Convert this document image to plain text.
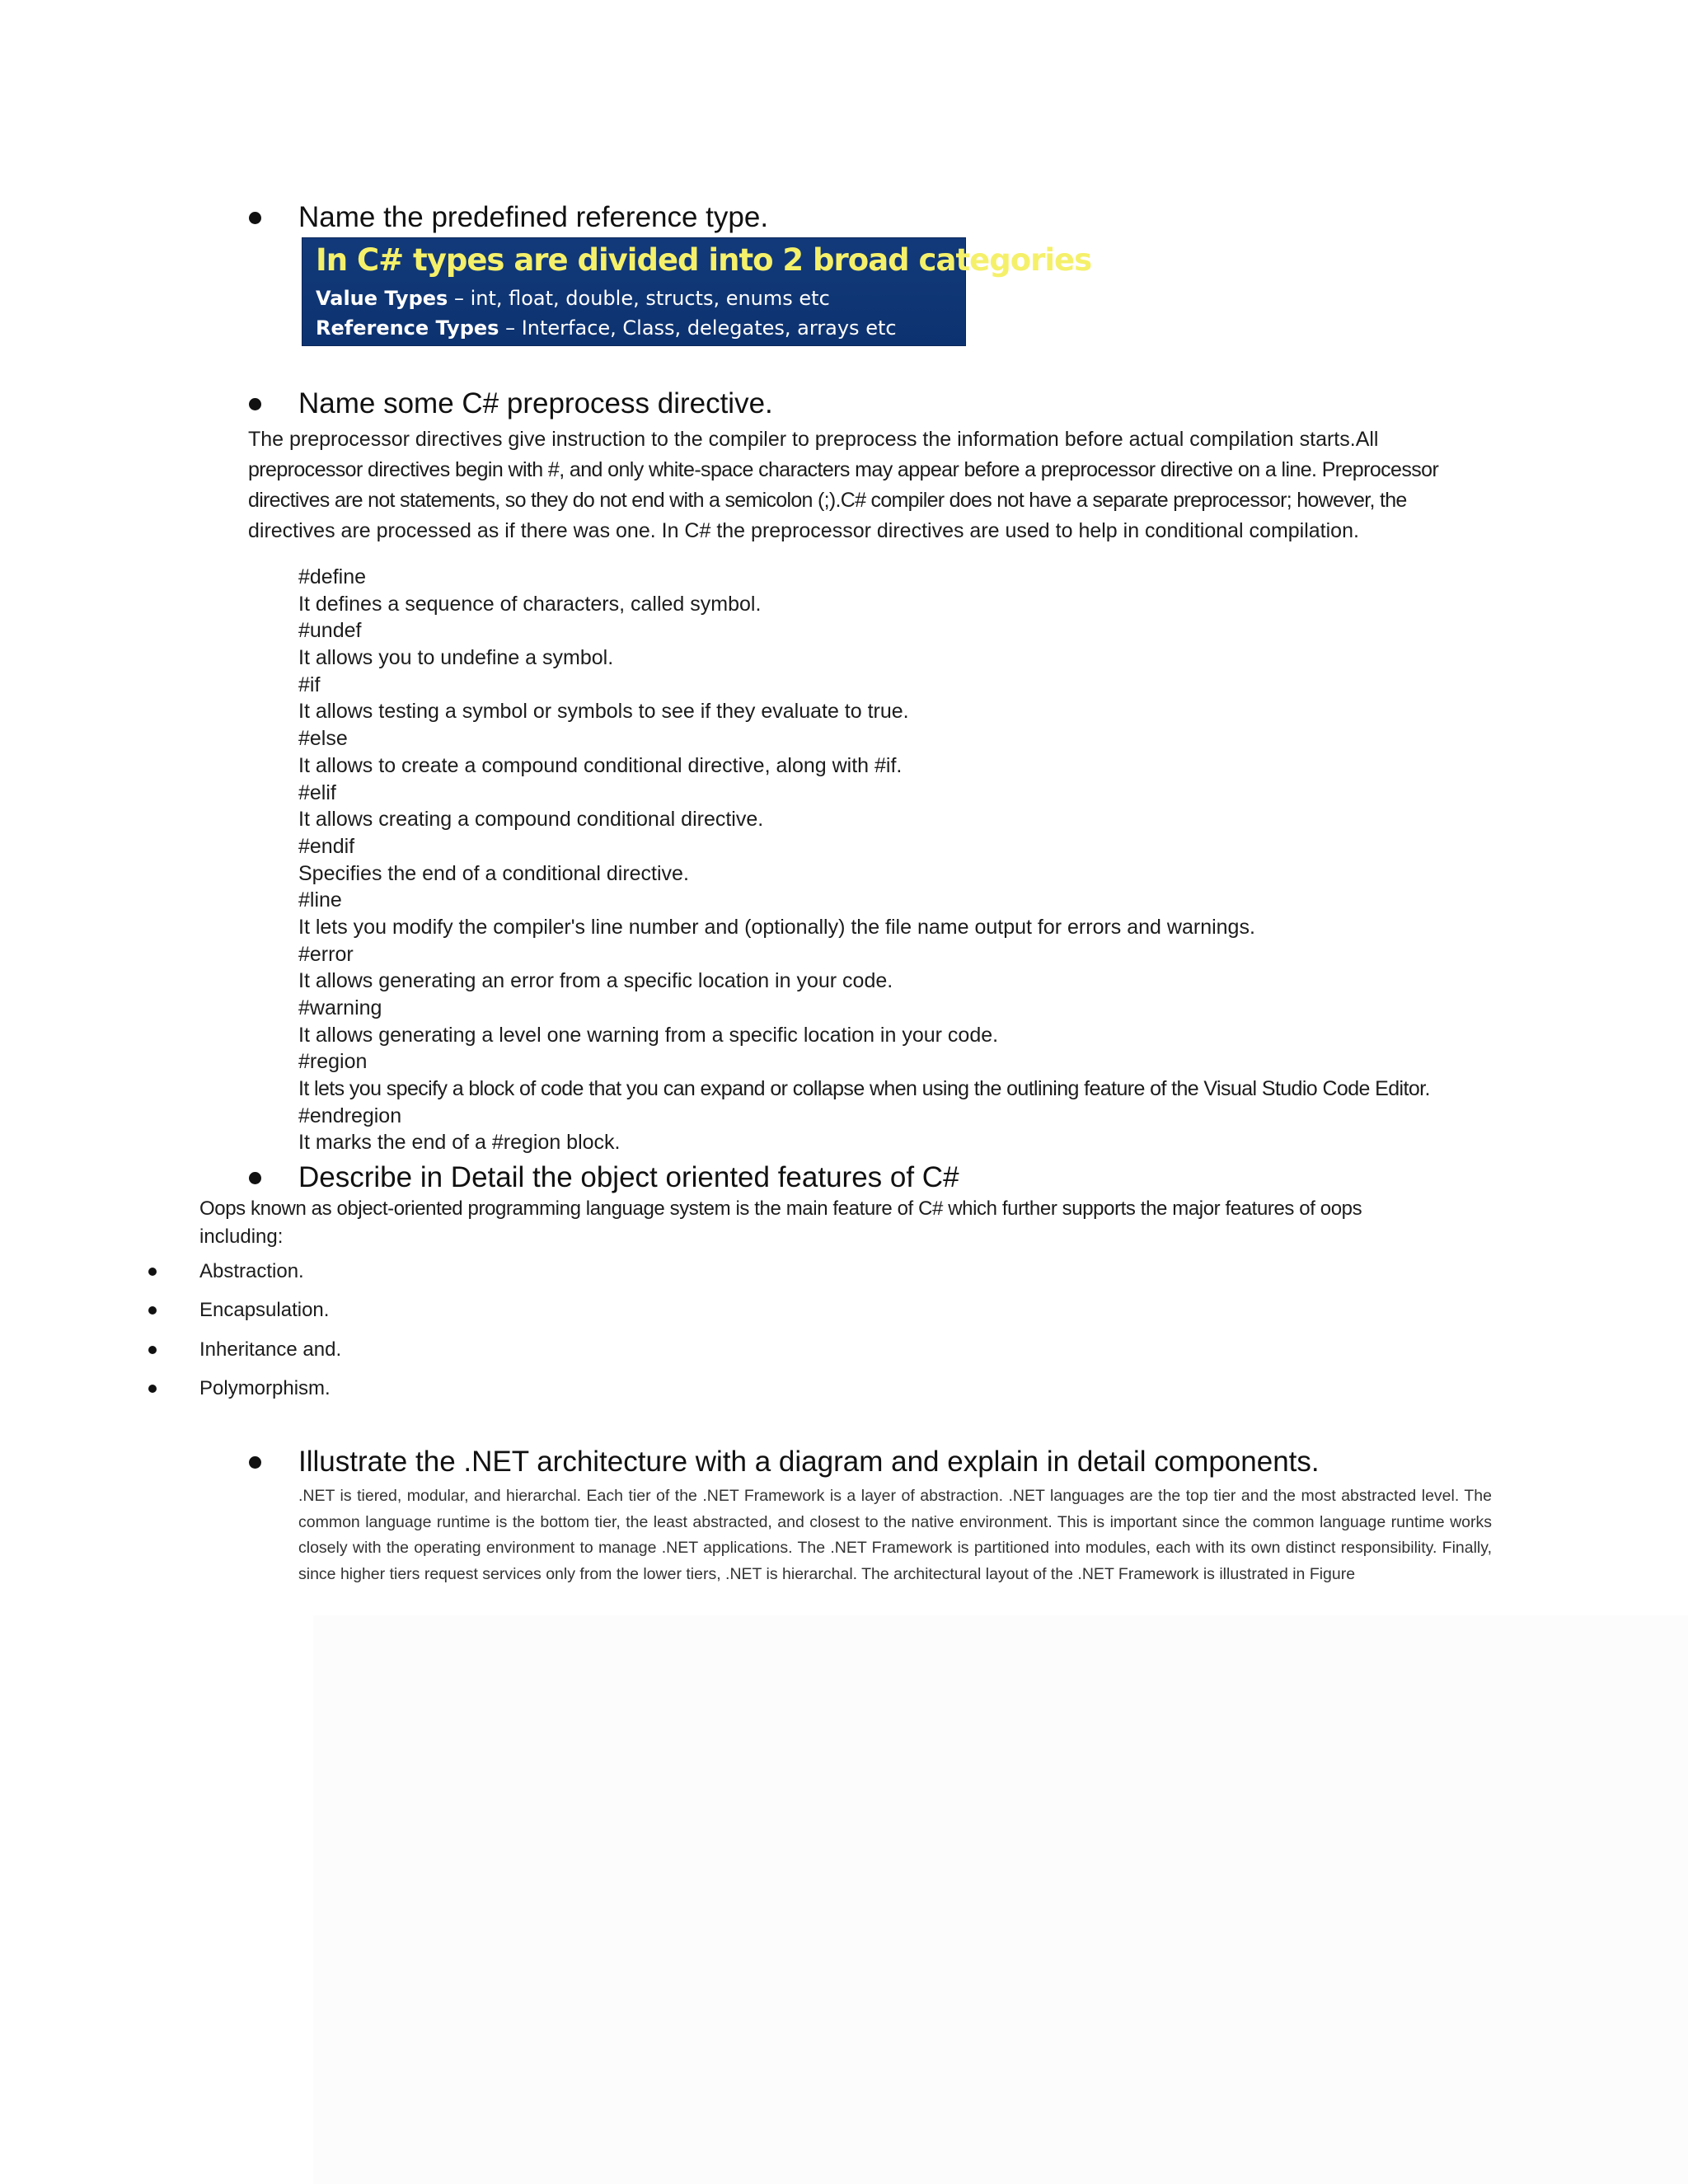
Name the predefined reference type.
In C# types are divided into 2 broad categories
Value Types – int, float, double, structs, enums etc
Reference Types – Interface, Class, delegates, arrays etc
Name some C# preprocess directive.
The preprocessor directives give instruction to the compiler to preprocess the information before actual compilation starts.All
preprocessor directives begin with #, and only white-space characters may appear before a preprocessor directive on a line. Preprocessor
directives are not statements, so they do not end with a semicolon (;).C# compiler does not have a separate preprocessor; however, the
directives are processed as if there was one. In C# the preprocessor directives are used to help in conditional compilation.
#define
It defines a sequence of characters, called symbol.
#undef
It allows you to undefine a symbol.
#if
It allows testing a symbol or symbols to see if they evaluate to true.
#else
It allows to create a compound conditional directive, along with #if.
#elif
It allows creating a compound conditional directive.
#endif
Specifies the end of a conditional directive.
#line
It lets you modify the compiler's line number and (optionally) the file name output for errors and warnings.
#error
It allows generating an error from a specific location in your code.
#warning
It allows generating a level one warning from a specific location in your code.
#region
It lets you specify a block of code that you can expand or collapse when using the outlining feature of the Visual Studio Code Editor.
#endregion
It marks the end of a #region block.
Describe in Detail the object oriented features of C#
Oops known as object-oriented programming language system is the main feature of C# which further supports the major features of oops
including:
Abstraction.
Encapsulation.
Inheritance and.
Polymorphism.
Illustrate the .NET architecture with a diagram and explain in detail components.
.NET is tiered, modular, and hierarchal. Each tier of the .NET Framework is a layer of abstraction. .NET languages are the top tier and the most abstracted level. The common language runtime is the bottom tier, the least abstracted, and closest to the native environment. This is important since the common language runtime works closely with the operating environment to manage .NET applications. The .NET Framework is partitioned into modules, each with its own distinct responsibility. Finally, since higher tiers request services only from the lower tiers, .NET is hierarchal. The architectural layout of the .NET Framework is illustrated in Figure
